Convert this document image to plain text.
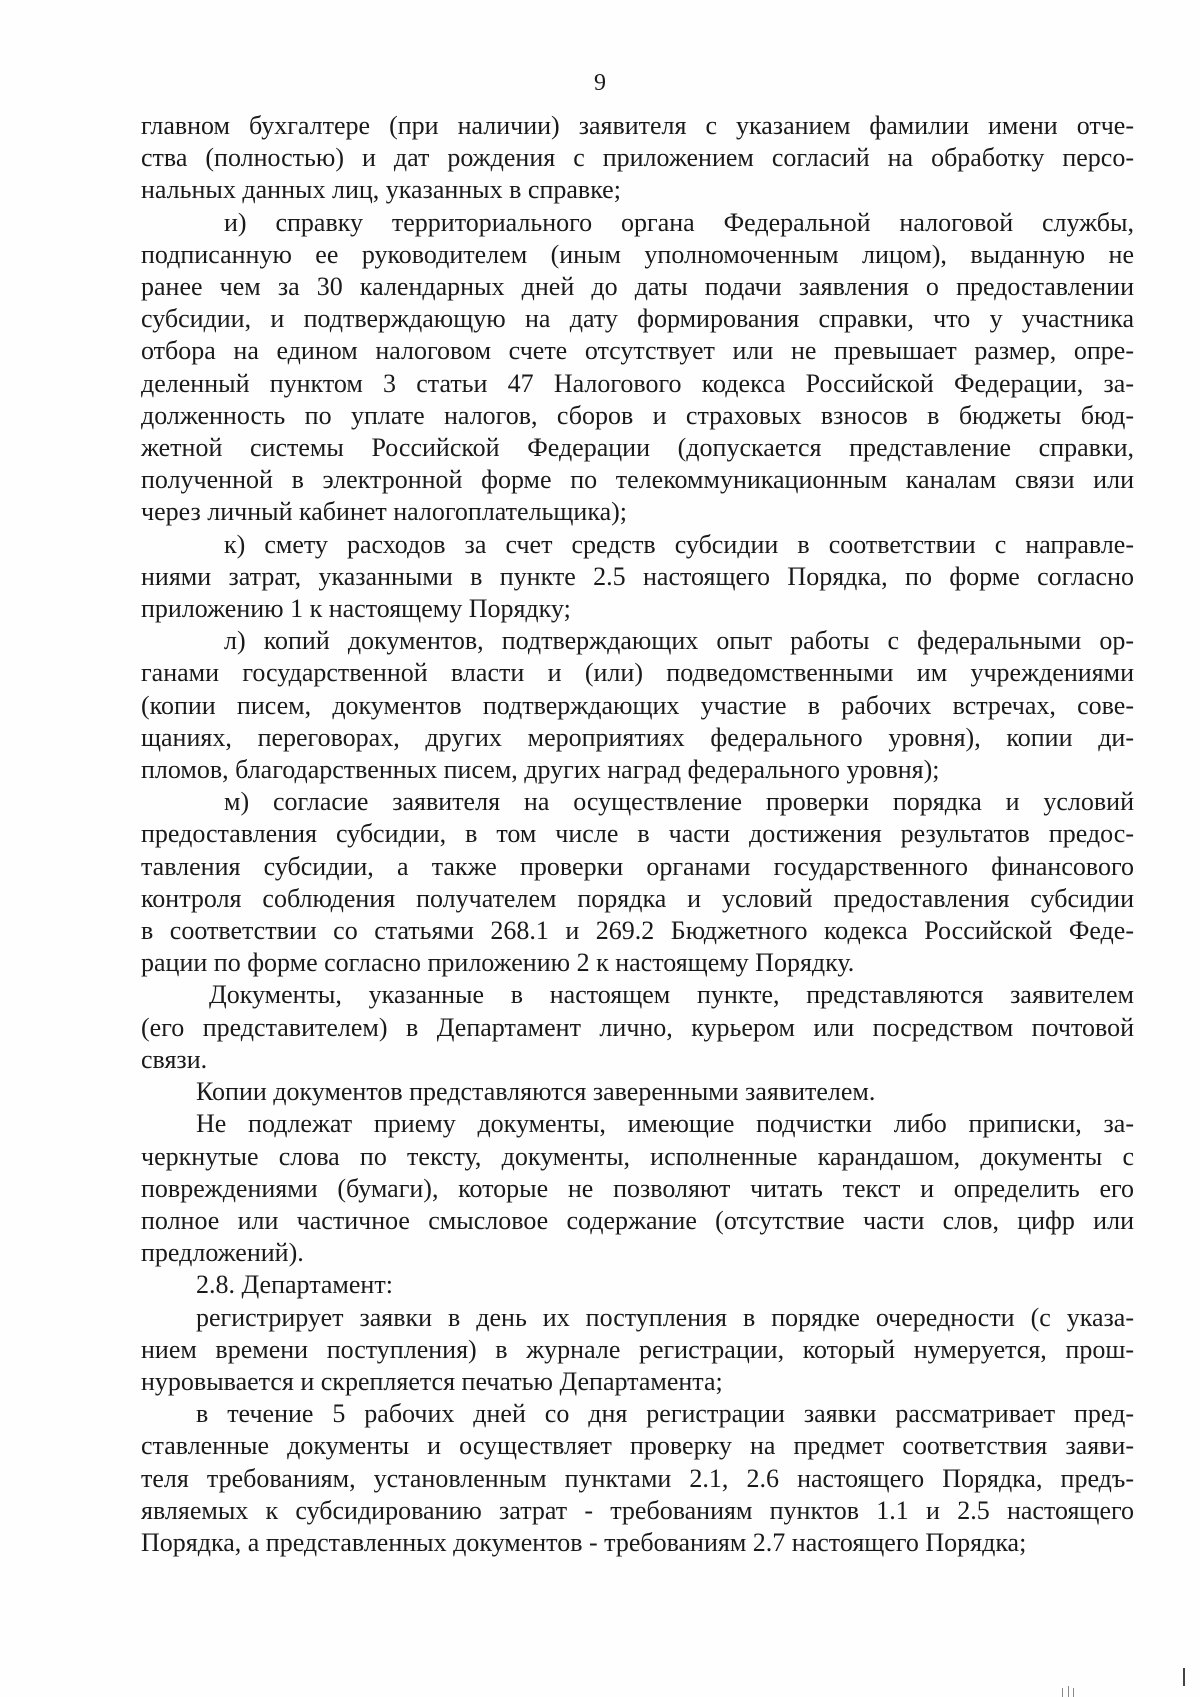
9
главном бухгалтере (при наличии) заявителя с указанием фамилии имени отче-
ства (полностью) и дат рождения с приложением согласий на обработку персо-
нальных данных лиц, указанных в справке;
и) справку территориального органа Федеральной налоговой службы,
подписанную ее руководителем (иным уполномоченным лицом), выданную не
ранее чем за 30 календарных дней до даты подачи заявления о предоставлении
субсидии, и подтверждающую на дату формирования справки, что у участника
отбора на едином налоговом счете отсутствует или не превышает размер, опре-
деленный пунктом 3 статьи 47 Налогового кодекса Российской Федерации, за-
долженность по уплате налогов, сборов и страховых взносов в бюджеты бюд-
жетной системы Российской Федерации (допускается представление справки,
полученной в электронной форме по телекоммуникационным каналам связи или
через личный кабинет налогоплательщика);
к) смету расходов за счет средств субсидии в соответствии с направле-
ниями затрат, указанными в пункте 2.5 настоящего Порядка, по форме согласно
приложению 1 к настоящему Порядку;
л) копий документов, подтверждающих опыт работы с федеральными ор-
ганами государственной власти и (или) подведомственными им учреждениями
(копии писем, документов подтверждающих участие в рабочих встречах, сове-
щаниях, переговорах, других мероприятиях федерального уровня), копии ди-
пломов, благодарственных писем, других наград федерального уровня);
м) согласие заявителя на осуществление проверки порядка и условий
предоставления субсидии, в том числе в части достижения результатов предос-
тавления субсидии, а также проверки органами государственного финансового
контроля соблюдения получателем порядка и условий предоставления субсидии
в соответствии со статьями 268.1 и 269.2 Бюджетного кодекса Российской Феде-
рации по форме согласно приложению 2 к настоящему Порядку.
Документы, указанные в настоящем пункте, представляются заявителем
(его представителем) в Департамент лично, курьером или посредством почтовой
связи.
Копии документов представляются заверенными заявителем.
Не подлежат приему документы, имеющие подчистки либо приписки, за-
черкнутые слова по тексту, документы, исполненные карандашом, документы с
повреждениями (бумаги), которые не позволяют читать текст и определить его
полное или частичное смысловое содержание (отсутствие части слов, цифр или
предложений).
2.8. Департамент:
регистрирует заявки в день их поступления в порядке очередности (с указа-
нием времени поступления) в журнале регистрации, который нумеруется, прош-
нуровывается и скрепляется печатью Департамента;
в течение 5 рабочих дней со дня регистрации заявки рассматривает пред-
ставленные документы и осуществляет проверку на предмет соответствия заяви-
теля требованиям, установленным пунктами 2.1, 2.6 настоящего Порядка, предъ-
являемых к субсидированию затрат - требованиям пунктов 1.1 и 2.5 настоящего
Порядка, а представленных документов - требованиям 2.7 настоящего Порядка;
